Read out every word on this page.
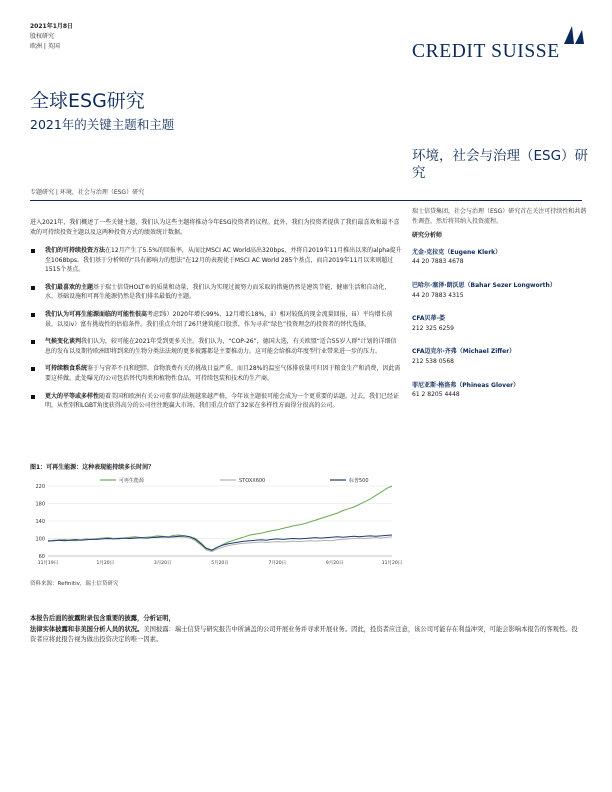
2021年1月8日
股权研究
欧洲 | 英国	CREDIT SUISSE
全球ESG研究
2021年的关键主题和主题
环境，社会与治理（ESG）研究
专题研究 | 环境，社会与治理（ESG）研究

进入2021年，我们概述了一些关键主题，我们认为这些主题将推动今年ESG投资者的议程。此外，我们为投资者提供了我们最喜欢和最不喜欢的可持续投资主题以及这两种投资方式的绩效统计数据。

我们的可持续投资方法在12月产生了5.5%的回报率，从而比MSCI AC World高出320bps，并将自2019年11月推出以来的alpha提升至1068bps。我们基于分析师的“具有影响力的想法”在12月的表现优于MSCI AC World 285个基点，而自2019年11月以来则超过1515个基点。
我们最喜欢的主题基于瑞士信贷HOLT®的质量和动量，我们认为实现过渡努力而采取的措施仍然是建筑节能，健康生活和自动化，水，基础设施和可再生能源仍然是我们排名最低的主题。
我们认为可再生能源面临的可能性很高考虑到i）2020年增长99%，12月增长18%，ii）相对较低的现金流量回报，iii）平均增长前景，以及iv）富有挑战性的估值条件。我们重点介绍了26只建筑能口股票，作为寻求“绿色”投资理念的投资者的替代选择。
气候变化谈判我们认为，较可能在2021年受到更多关注。我们认为，“COP-26”，德国大选，有关欧盟“适合55岁人群”计划的详细信息的发布以及期待欧洲即将到来的生物分类法法规的更多披露都是主要推动力。这可能会给推动年度型行业带来进一步的压力。
可持续粮食系统鉴于与营养不良和肥胖，食物浪费有关的挑战日益严重，而且28%的温室气体排放量可归因于粮食生产和消费，因此需要这样做。此处曝光的公司包括替代肉类和植物性食品，可持续包装和技术的生产商。
更大的平等或多样性随着美国和欧洲有关公司董事的法规越来越严格，今年该主题很可能会成为一个更重要的话题。过去，我们已经证明，从性别和LGBT角度获得高分的公司往往跑赢大市场。我们重点介绍了32家在多样性方面得分很高的公司。
瑞士信贷集团，社会与治理（ESG）研究首在关注可持续性和共谐性调查，然后将其纳入投资流程。
研究分析师
尤金·克拉克（Eugene Klerk）
44 20 7883 4678
巴哈尔·塞泽·朗沃思（Bahar Sezer Longworth）
44 20 7883 4315
CFA贝蒂-娄
212 325 6259
CFA迈克尔·齐弗（Michael Ziffer）
212 538 0568
菲尼亚斯·格洛弗（Phineas Glover）
61 2 8205 4448
图1：可再生能源：这种表现能持续多长时间？
60
100
140
180
220
11月19日	1月20日	3月20日	5月20日	7月20日	9月20日	11月20日
可再生能源	STOXX600	标普500
资料来源：Refinitiv，瑞士信贷研究
本报告后面的披露附录包含重要的披露，分析证明，
法律实体披露和非美国分析人员的状况。美国披露：瑞士信贷与研究报告中所涵盖的公司开展业务并寻求开展业务。因此，投资者应注意，该公司可能存在利益冲突，可能会影响本报告的客观性。投资者应将此报告视为做出投资决定的唯一因素。
